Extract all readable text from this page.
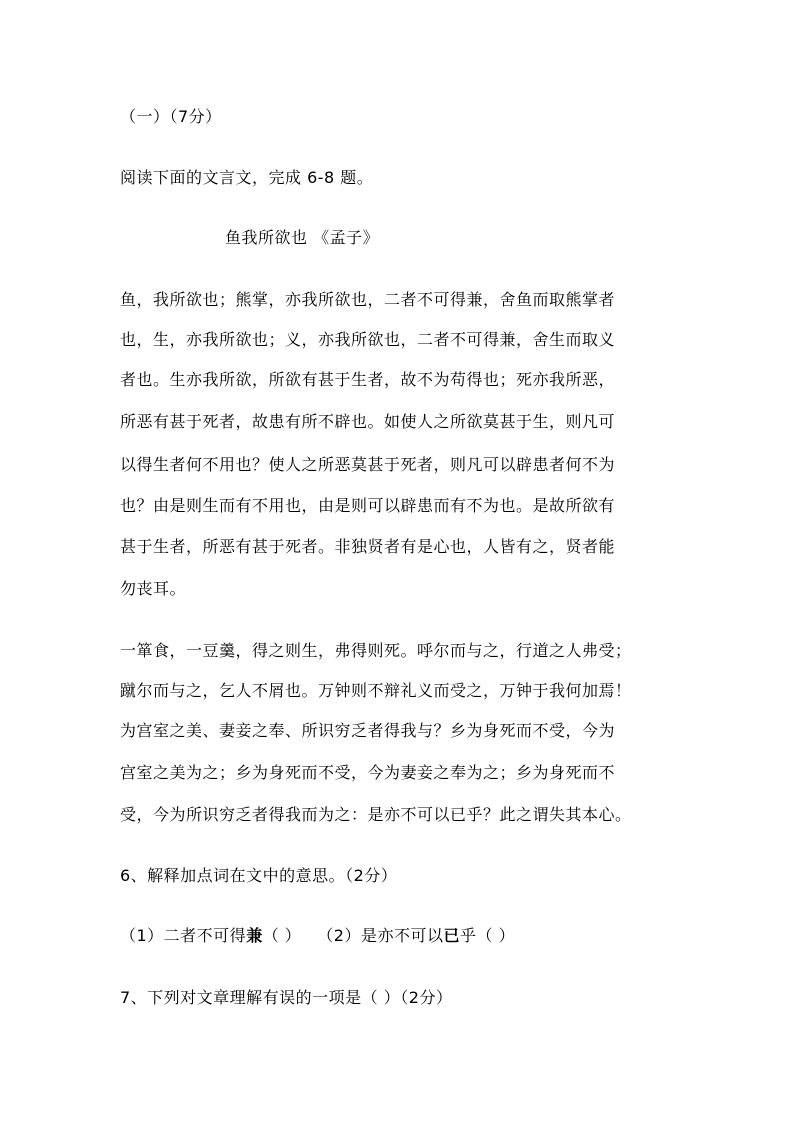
（一）（7分）
阅读下面的文言文，完成 6-8 题。
鱼我所欲也 《孟子》
鱼，我所欲也；熊掌，亦我所欲也，二者不可得兼，舍鱼而取熊掌者
也，生，亦我所欲也；义，亦我所欲也，二者不可得兼，舍生而取义
者也。生亦我所欲，所欲有甚于生者，故不为苟得也；死亦我所恶，
所恶有甚于死者，故患有所不辟也。如使人之所欲莫甚于生，则凡可
以得生者何不用也？使人之所恶莫甚于死者，则凡可以辟患者何不为
也？由是则生而有不用也，由是则可以辟患而有不为也。是故所欲有
甚于生者，所恶有甚于死者。非独贤者有是心也，人皆有之，贤者能
勿丧耳。
一箪食，一豆羹，得之则生，弗得则死。呼尔而与之，行道之人弗受；
蹴尔而与之，乞人不屑也。万钟则不辩礼义而受之，万钟于我何加焉！
为宫室之美、妻妾之奉、所识穷乏者得我与？乡为身死而不受，今为
宫室之美为之；乡为身死而不受，今为妻妾之奉为之；乡为身死而不
受，今为所识穷乏者得我而为之：是亦不可以已乎？此之谓失其本心。
6、解释加点词在文中的意思。（2分）
（1）二者不可得兼（ ） （2）是亦不可以已乎（ ）
7、下列对文章理解有误的一项是（ ）（2分）
